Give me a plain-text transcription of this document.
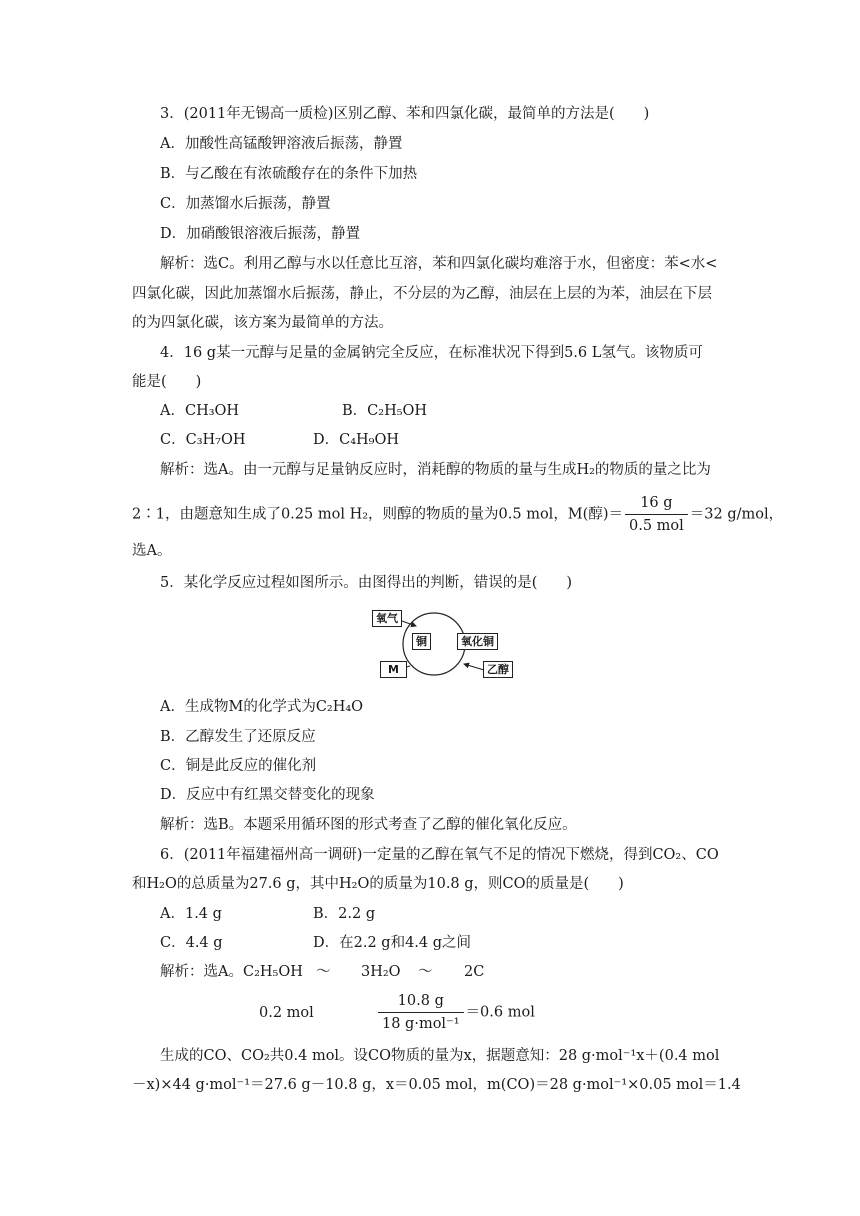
3．(2011年无锡高一质检)区别乙醇、苯和四氯化碳，最简单的方法是(　　)
A．加酸性高锰酸钾溶液后振荡，静置
B．与乙酸在有浓硫酸存在的条件下加热
C．加蒸馏水后振荡，静置
D．加硝酸银溶液后振荡，静置
解析：选C。利用乙醇与水以任意比互溶，苯和四氯化碳均难溶于水，但密度：苯<水<
四氯化碳，因此加蒸馏水后振荡，静止，不分层的为乙醇，油层在上层的为苯，油层在下层
的为四氯化碳，该方案为最简单的方法。
4．16 g某一元醇与足量的金属钠完全反应，在标准状况下得到5.6 L氢气。该物质可
能是(　　)
A．CH₃OH	B．C₂H₅OH
C．C₃H₇OH	D．C₄H₉OH
解析：选A。由一元醇与足量钠反应时，消耗醇的物质的量与生成H₂的物质的量之比为
2∶1，由题意知生成了0.25 mol H₂，则醇的物质的量为0.5 mol，M(醇)＝ $\frac{16 g}{\text{0.5 mol}} =32$ g/mol，
选A。
5．某化学反应过程如图所示。由图得出的判断，错误的是(　　)
氧气
铜	氧化铜
M	乙醇
A．生成物M的化学式为C₂H₄O
B．乙醇发生了还原反应
C．铜是此反应的催化剂
D．反应中有红黑交替变化的现象
解析：选B。本题采用循环图的形式考查了乙醇的催化氧化反应。
6．(2011年福建福州高一调研)一定量的乙醇在氧气不足的情况下燃烧，得到CO₂、CO
和H₂O的总质量为27.6 g，其中H₂O的质量为10.8 g，则CO的质量是(　　)
A．1.4 g	B．2.2 g
C．4.4 g	D．在2.2 g和4.4 g之间
解析：选A。C₂H₅OH ～ 3H₂O ～ 2C
0.2 mol	$\frac{10.8 g}{\text{18 g·mol⁻¹}} =0.6$ mol
生成的CO、CO₂共0.4 mol。设CO物质的量为x，据题意知：28 g·mol⁻¹x＋(0.4 mol
－x)×44 g·mol⁻¹＝27.6 g－10.8 g，x＝0.05 mol，m(CO)＝28 g·mol⁻¹×0.05 mol＝1.4
